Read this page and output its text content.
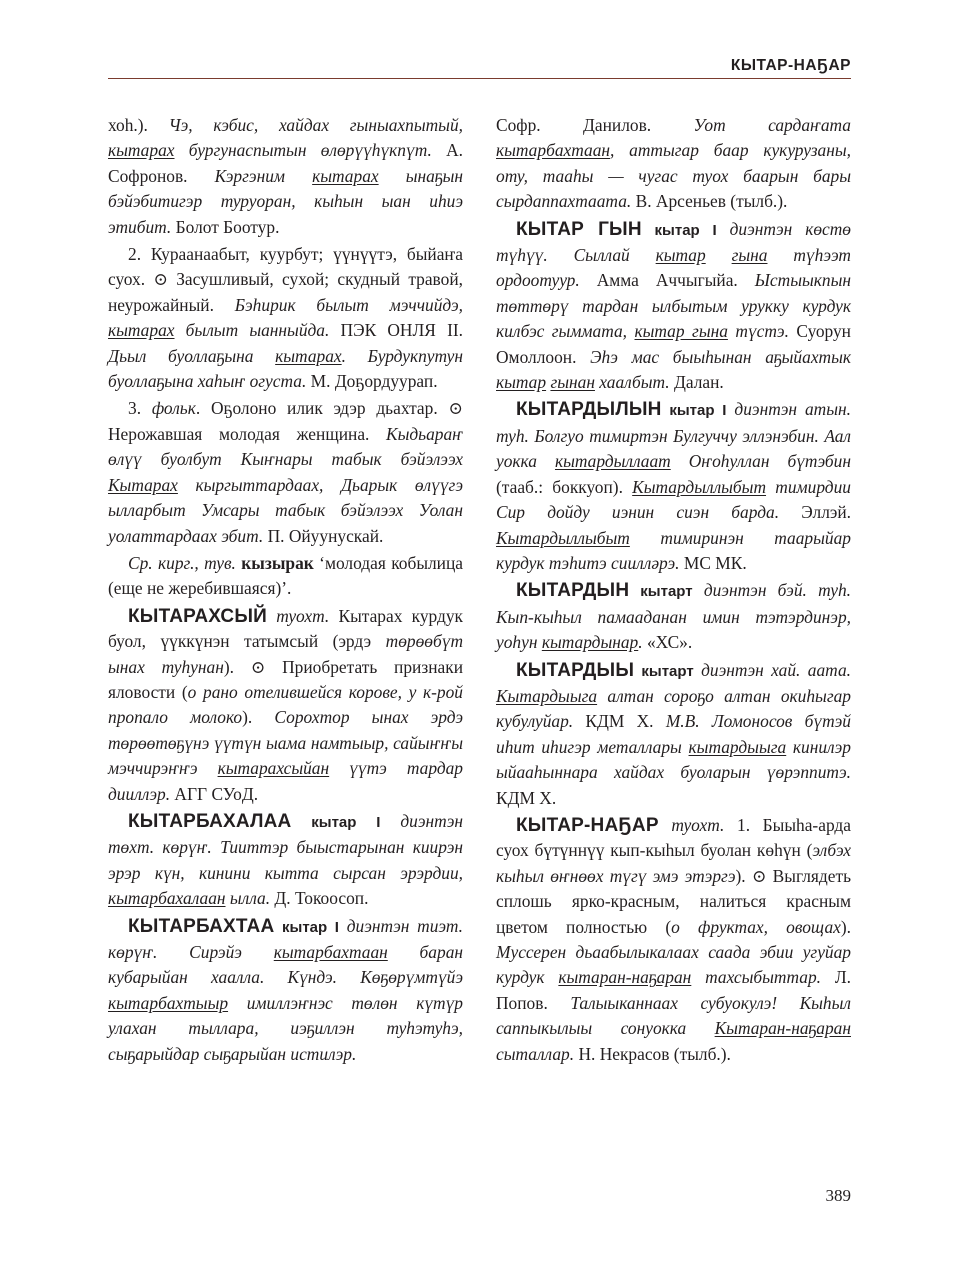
КЫТАР-НАҔАР

хоһ.). Чэ, кэбис, хайдах гыныахпытый, кытарах бургунаспытын өлөрүүһүкпүт. А. Софронов. Кэргэним кытарах ынаҕын бэйэбитигэр туруоран, кыһын ыан иһиэ этибит. Болот Боотур.

2. Кураанаабыт, куурбут; үүнүүтэ, быйаҥа суох. ⊙ Засушливый, сухой; скудный травой, неурожайный. Бэһирик былыт мэччийдэ, кытарах былыт ыанныйда. ПЭК ОНЛЯ II. Дьыл буоллаҕына кытарах. Бурдукпутун буоллаҕына хаһыҥ огуста. М. Доҕордуурап.

3. фольк. Оҕолоно илик эдэр дьахтар. ⊙ Нерожавшая молодая женщина. Кыдьараҥ өлүү буолбут Кыҥнары табык бэйэлээх Кытарах кыргыттардаах, Дьарык өлүүгэ ылларбыт Умсары табык бэйэлээх Уолан уолаттардаах эбит. П. Ойуунускай.

Ср. кирг., тув. кызырак ‘молодая кобылица (еще не жеребившаяся)’.

КЫТАРАХСЫЙ туохт. Кытарах курдук буол, үүккүнэн татымсый (эрдэ төрөөбүт ынах туһунан). ⊙ Приобретать признаки яловости (о рано отелившейся корове, у к-рой пропало молоко). Сорохтор ынах эрдэ төрөөтөҕүнэ үүтүн ыама намтыыр, сайыҥҥы мэччирэҥҥэ кытарахсыйан үүтэ тардар дииллэр. АГГ СУоД.

КЫТАРБАХАЛАА кытар I диэнтэн төхт. көрүҥ. Тииттэр быыстарынан киирэн эрэр күн, кинини кытта сырсан эрэрдии, кытарбахалаан ылла. Д. Токоосоп.

КЫТАРБАХТАА кытар I диэнтэн тиэт. көрүҥ. Сирэйэ кытарбахтаан баран кубарыйан хаалла. Күндэ. Көҕөрүмтүйэ кытарбахтыыр имиллэҥнэс төлөн күтүр улахан тыллара, иэҕиллэн туһэтуһэ, сыҕарыйдар сыҕарыйан истилэр.

Софр. Данилов. Уот сардаҥата кытарбахтаан, аттыгар баар кукурузаны, оту, тааһы — чугас туох баарын бары сырдаппахтаата. В. Арсеньев (тылб.).

КЫТАР ГЫН кытар I диэнтэн көстө түһүү. Сыллай кытар гына түһээт ордоотуур. Амма Аччыгыйа. Ыстыыкпын төттөрү тардан ылбытым урукку курдук килбэс гыммата, кытар гына түстэ. Суорун Омоллоон. Эһэ мас быыһынан аҕыйахтык кытар гынан хаалбыт. Далан.

КЫТАРДЫЛЫН кытар I диэнтэн атын. туһ. Болгуо тимиртэн Булгуччу эллэнэбин. Аал уокка кытардыллаат Оҥоһуллан бүтэбин (тааб.: боккуоп). Кытардыллыбыт тимирдии Сир дойду иэнин сиэн барда. Эллэй. Кытардыллыбыт тимиринэн таарыйар курдук тэһитэ сиилләрэ. МС МК.

КЫТАРДЫН кытарт диэнтэн бэй. туһ. Кып-кыһыл памааданан имин тэтэрдинэр, уоһун кытардынар. «ХС».

КЫТАРДЫЫ кытарт диэнтэн хай. аата. Кытардыыга алтан сороҕо алтан окиһыгар кубулуйар. КДМ Х. М.В. Ломоносов бүтэй иһит иһигэр металлары кытардыыга кинилэр ыйааһыннара хайдах буоларын үөрэппитэ. КДМ Х.

КЫТАР-НАҔАР туохт. 1. Быыһа-арда суох бүтүннүү кып-кыһыл буолан көһүн (элбэх кыһыл өҥнөөх түгү эмэ этэргэ). ⊙ Выглядеть сплошь ярко-красным, налиться красным цветом полностью (о фруктах, овощах). Муссерен дьаабылыкалаах саада эбии угуйар курдук кытаран-наҕаран тахсыбыттар. Л. Попов. Талыыканнаах субуокулэ! Кыһыл саппыкылыы сонуокка Кытаран-наҕаран сыталлар. Н. Некрасов (тылб.).

389
